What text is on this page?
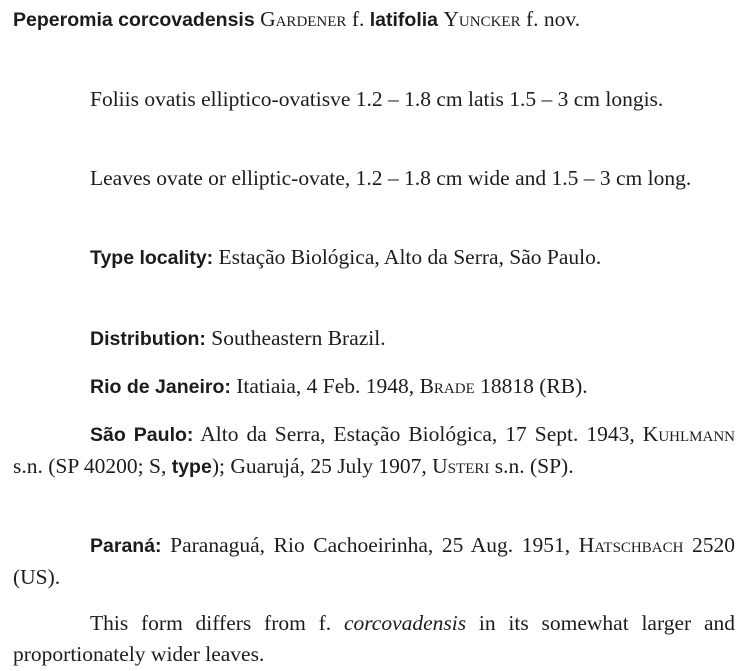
Peperomia corcovadensis Gardener f. latifolia Yuncker f. nov.

Foliis ovatis elliptico-ovatisve 1.2 – 1.8 cm latis 1.5 – 3 cm longis.

Leaves ovate or elliptic-ovate, 1.2 – 1.8 cm wide and 1.5 – 3 cm long.

Type locality: Estação Biológica, Alto da Serra, São Paulo.

Distribution: Southeastern Brazil.

Rio de Janeiro: Itatiaia, 4 Feb. 1948, Brade 18818 (RB).

São Paulo: Alto da Serra, Estação Biológica, 17 Sept. 1943, Kuhlmann s.n. (SP 40200; S, type); Guarujá, 25 July 1907, Usteri s.n. (SP).

Paraná: Paranaguá, Rio Cachoeirinha, 25 Aug. 1951, Hatschbach 2520 (US).

This form differs from f. corcovadensis in its somewhat larger and proportionately wider leaves.
